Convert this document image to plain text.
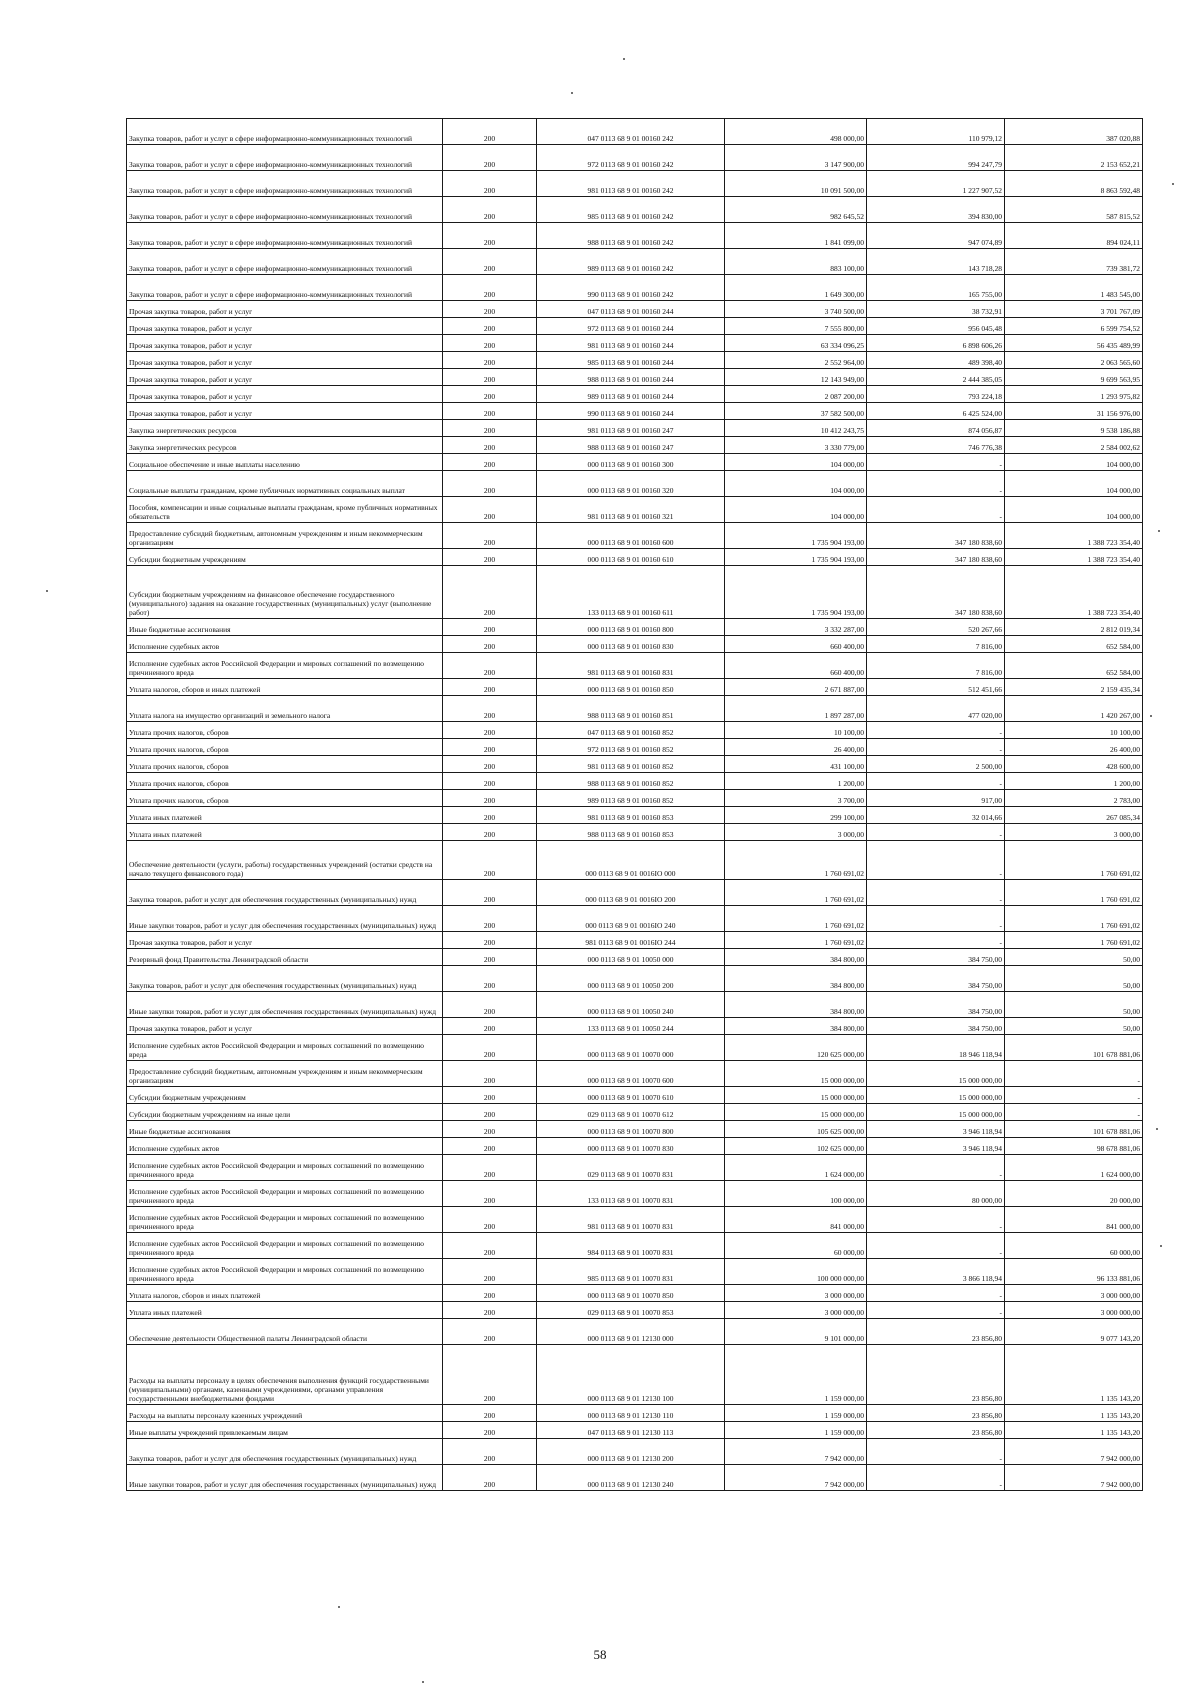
Закупка товаров, работ и услуг в сфере информационно-коммуникационных технологий	200	047 0113 68 9 01 00160 242	498 000,00	110 979,12	387 020,88
Закупка товаров, работ и услуг в сфере информационно-коммуникационных технологий	200	972 0113 68 9 01 00160 242	3 147 900,00	994 247,79	2 153 652,21
Закупка товаров, работ и услуг в сфере информационно-коммуникационных технологий	200	981 0113 68 9 01 00160 242	10 091 500,00	1 227 907,52	8 863 592,48
Закупка товаров, работ и услуг в сфере информационно-коммуникационных технологий	200	985 0113 68 9 01 00160 242	982 645,52	394 830,00	587 815,52
Закупка товаров, работ и услуг в сфере информационно-коммуникационных технологий	200	988 0113 68 9 01 00160 242	1 841 099,00	947 074,89	894 024,11
Закупка товаров, работ и услуг в сфере информационно-коммуникационных технологий	200	989 0113 68 9 01 00160 242	883 100,00	143 718,28	739 381,72
Закупка товаров, работ и услуг в сфере информационно-коммуникационных технологий	200	990 0113 68 9 01 00160 242	1 649 300,00	165 755,00	1 483 545,00
Прочая закупка товаров, работ и услуг	200	047 0113 68 9 01 00160 244	3 740 500,00	38 732,91	3 701 767,09
Прочая закупка товаров, работ и услуг	200	972 0113 68 9 01 00160 244	7 555 800,00	956 045,48	6 599 754,52
Прочая закупка товаров, работ и услуг	200	981 0113 68 9 01 00160 244	63 334 096,25	6 898 606,26	56 435 489,99
Прочая закупка товаров, работ и услуг	200	985 0113 68 9 01 00160 244	2 552 964,00	489 398,40	2 063 565,60
Прочая закупка товаров, работ и услуг	200	988 0113 68 9 01 00160 244	12 143 949,00	2 444 385,05	9 699 563,95
Прочая закупка товаров, работ и услуг	200	989 0113 68 9 01 00160 244	2 087 200,00	793 224,18	1 293 975,82
Прочая закупка товаров, работ и услуг	200	990 0113 68 9 01 00160 244	37 582 500,00	6 425 524,00	31 156 976,00
Закупка энергетических ресурсов	200	981 0113 68 9 01 00160 247	10 412 243,75	874 056,87	9 538 186,88
Закупка энергетических ресурсов	200	988 0113 68 9 01 00160 247	3 330 779,00	746 776,38	2 584 002,62
Социальное обеспечение и иные выплаты населению	200	000 0113 68 9 01 00160 300	104 000,00	-	104 000,00
Социальные выплаты гражданам, кроме публичных нормативных социальных выплат	200	000 0113 68 9 01 00160 320	104 000,00	-	104 000,00
Пособия, компенсации и иные социальные выплаты гражданам, кроме публичных нормативных обязательств	200	981 0113 68 9 01 00160 321	104 000,00	-	104 000,00
Предоставление субсидий бюджетным, автономным учреждениям и иным некоммерческим организациям	200	000 0113 68 9 01 00160 600	1 735 904 193,00	347 180 838,60	1 388 723 354,40
Субсидии бюджетным учреждениям	200	000 0113 68 9 01 00160 610	1 735 904 193,00	347 180 838,60	1 388 723 354,40
Субсидии бюджетным учреждениям на финансовое обеспечение государственного (муниципального) задания на оказание государственных (муниципальных) услуг (выполнение работ)	200	133 0113 68 9 01 00160 611	1 735 904 193,00	347 180 838,60	1 388 723 354,40
Иные бюджетные ассигнования	200	000 0113 68 9 01 00160 800	3 332 287,00	520 267,66	2 812 019,34
Исполнение судебных актов	200	000 0113 68 9 01 00160 830	660 400,00	7 816,00	652 584,00
Исполнение судебных актов Российской Федерации и мировых соглашений по возмещению причиненного вреда	200	981 0113 68 9 01 00160 831	660 400,00	7 816,00	652 584,00
Уплата налогов, сборов и иных платежей	200	000 0113 68 9 01 00160 850	2 671 887,00	512 451,66	2 159 435,34
Уплата налога на имущество организаций и земельного налога	200	988 0113 68 9 01 00160 851	1 897 287,00	477 020,00	1 420 267,00
Уплата прочих налогов, сборов	200	047 0113 68 9 01 00160 852	10 100,00	-	10 100,00
Уплата прочих налогов, сборов	200	972 0113 68 9 01 00160 852	26 400,00	-	26 400,00
Уплата прочих налогов, сборов	200	981 0113 68 9 01 00160 852	431 100,00	2 500,00	428 600,00
Уплата прочих налогов, сборов	200	988 0113 68 9 01 00160 852	1 200,00	-	1 200,00
Уплата прочих налогов, сборов	200	989 0113 68 9 01 00160 852	3 700,00	917,00	2 783,00
Уплата иных платежей	200	981 0113 68 9 01 00160 853	299 100,00	32 014,66	267 085,34
Уплата иных платежей	200	988 0113 68 9 01 00160 853	3 000,00	-	3 000,00
Обеспечение деятельности (услуги, работы) государственных учреждений (остатки средств на начало текущего финансового года)	200	000 0113 68 9 01 0016IO 000	1 760 691,02	-	1 760 691,02
Закупка товаров, работ и услуг для обеспечения государственных (муниципальных) нужд	200	000 0113 68 9 01 0016IO 200	1 760 691,02	-	1 760 691,02
Иные закупки товаров, работ и услуг для обеспечения государственных (муниципальных) нужд	200	000 0113 68 9 01 0016IO 240	1 760 691,02	-	1 760 691,02
Прочая закупка товаров, работ и услуг	200	981 0113 68 9 01 0016IO 244	1 760 691,02	-	1 760 691,02
Резервный фонд Правительства Ленинградской области	200	000 0113 68 9 01 10050 000	384 800,00	384 750,00	50,00
Закупка товаров, работ и услуг для обеспечения государственных (муниципальных) нужд	200	000 0113 68 9 01 10050 200	384 800,00	384 750,00	50,00
Иные закупки товаров, работ и услуг для обеспечения государственных (муниципальных) нужд	200	000 0113 68 9 01 10050 240	384 800,00	384 750,00	50,00
Прочая закупка товаров, работ и услуг	200	133 0113 68 9 01 10050 244	384 800,00	384 750,00	50,00
Исполнение судебных актов Российской Федерации и мировых соглашений по возмещению вреда	200	000 0113 68 9 01 10070 000	120 625 000,00	18 946 118,94	101 678 881,06
Предоставление субсидий бюджетным, автономным учреждениям и иным некоммерческим организациям	200	000 0113 68 9 01 10070 600	15 000 000,00	15 000 000,00	-
Субсидии бюджетным учреждениям	200	000 0113 68 9 01 10070 610	15 000 000,00	15 000 000,00	-
Субсидии бюджетным учреждениям на иные цели	200	029 0113 68 9 01 10070 612	15 000 000,00	15 000 000,00	-
Иные бюджетные ассигнования	200	000 0113 68 9 01 10070 800	105 625 000,00	3 946 118,94	101 678 881,06
Исполнение судебных актов	200	000 0113 68 9 01 10070 830	102 625 000,00	3 946 118,94	98 678 881,06
Исполнение судебных актов Российской Федерации и мировых соглашений по возмещению причиненного вреда	200	029 0113 68 9 01 10070 831	1 624 000,00	-	1 624 000,00
Исполнение судебных актов Российской Федерации и мировых соглашений по возмещению причиненного вреда	200	133 0113 68 9 01 10070 831	100 000,00	80 000,00	20 000,00
Исполнение судебных актов Российской Федерации и мировых соглашений по возмещению причиненного вреда	200	981 0113 68 9 01 10070 831	841 000,00	-	841 000,00
Исполнение судебных актов Российской Федерации и мировых соглашений по возмещению причиненного вреда	200	984 0113 68 9 01 10070 831	60 000,00	-	60 000,00
Исполнение судебных актов Российской Федерации и мировых соглашений по возмещению причиненного вреда	200	985 0113 68 9 01 10070 831	100 000 000,00	3 866 118,94	96 133 881,06
Уплата налогов, сборов и иных платежей	200	000 0113 68 9 01 10070 850	3 000 000,00	-	3 000 000,00
Уплата иных платежей	200	029 0113 68 9 01 10070 853	3 000 000,00	-	3 000 000,00
Обеспечение деятельности Общественной палаты Ленинградской области	200	000 0113 68 9 01 12130 000	9 101 000,00	23 856,80	9 077 143,20
Расходы на выплаты персоналу в целях обеспечения выполнения функций государственными (муниципальными) органами, казенными учреждениями, органами управления государственными внебюджетными фондами	200	000 0113 68 9 01 12130 100	1 159 000,00	23 856,80	1 135 143,20
Расходы на выплаты персоналу казенных учреждений	200	000 0113 68 9 01 12130 110	1 159 000,00	23 856,80	1 135 143,20
Иные выплаты учреждений привлекаемым лицам	200	047 0113 68 9 01 12130 113	1 159 000,00	23 856,80	1 135 143,20
Закупка товаров, работ и услуг для обеспечения государственных (муниципальных) нужд	200	000 0113 68 9 01 12130 200	7 942 000,00	-	7 942 000,00
Иные закупки товаров, работ и услуг для обеспечения государственных (муниципальных) нужд	200	000 0113 68 9 01 12130 240	7 942 000,00	-	7 942 000,00
58
